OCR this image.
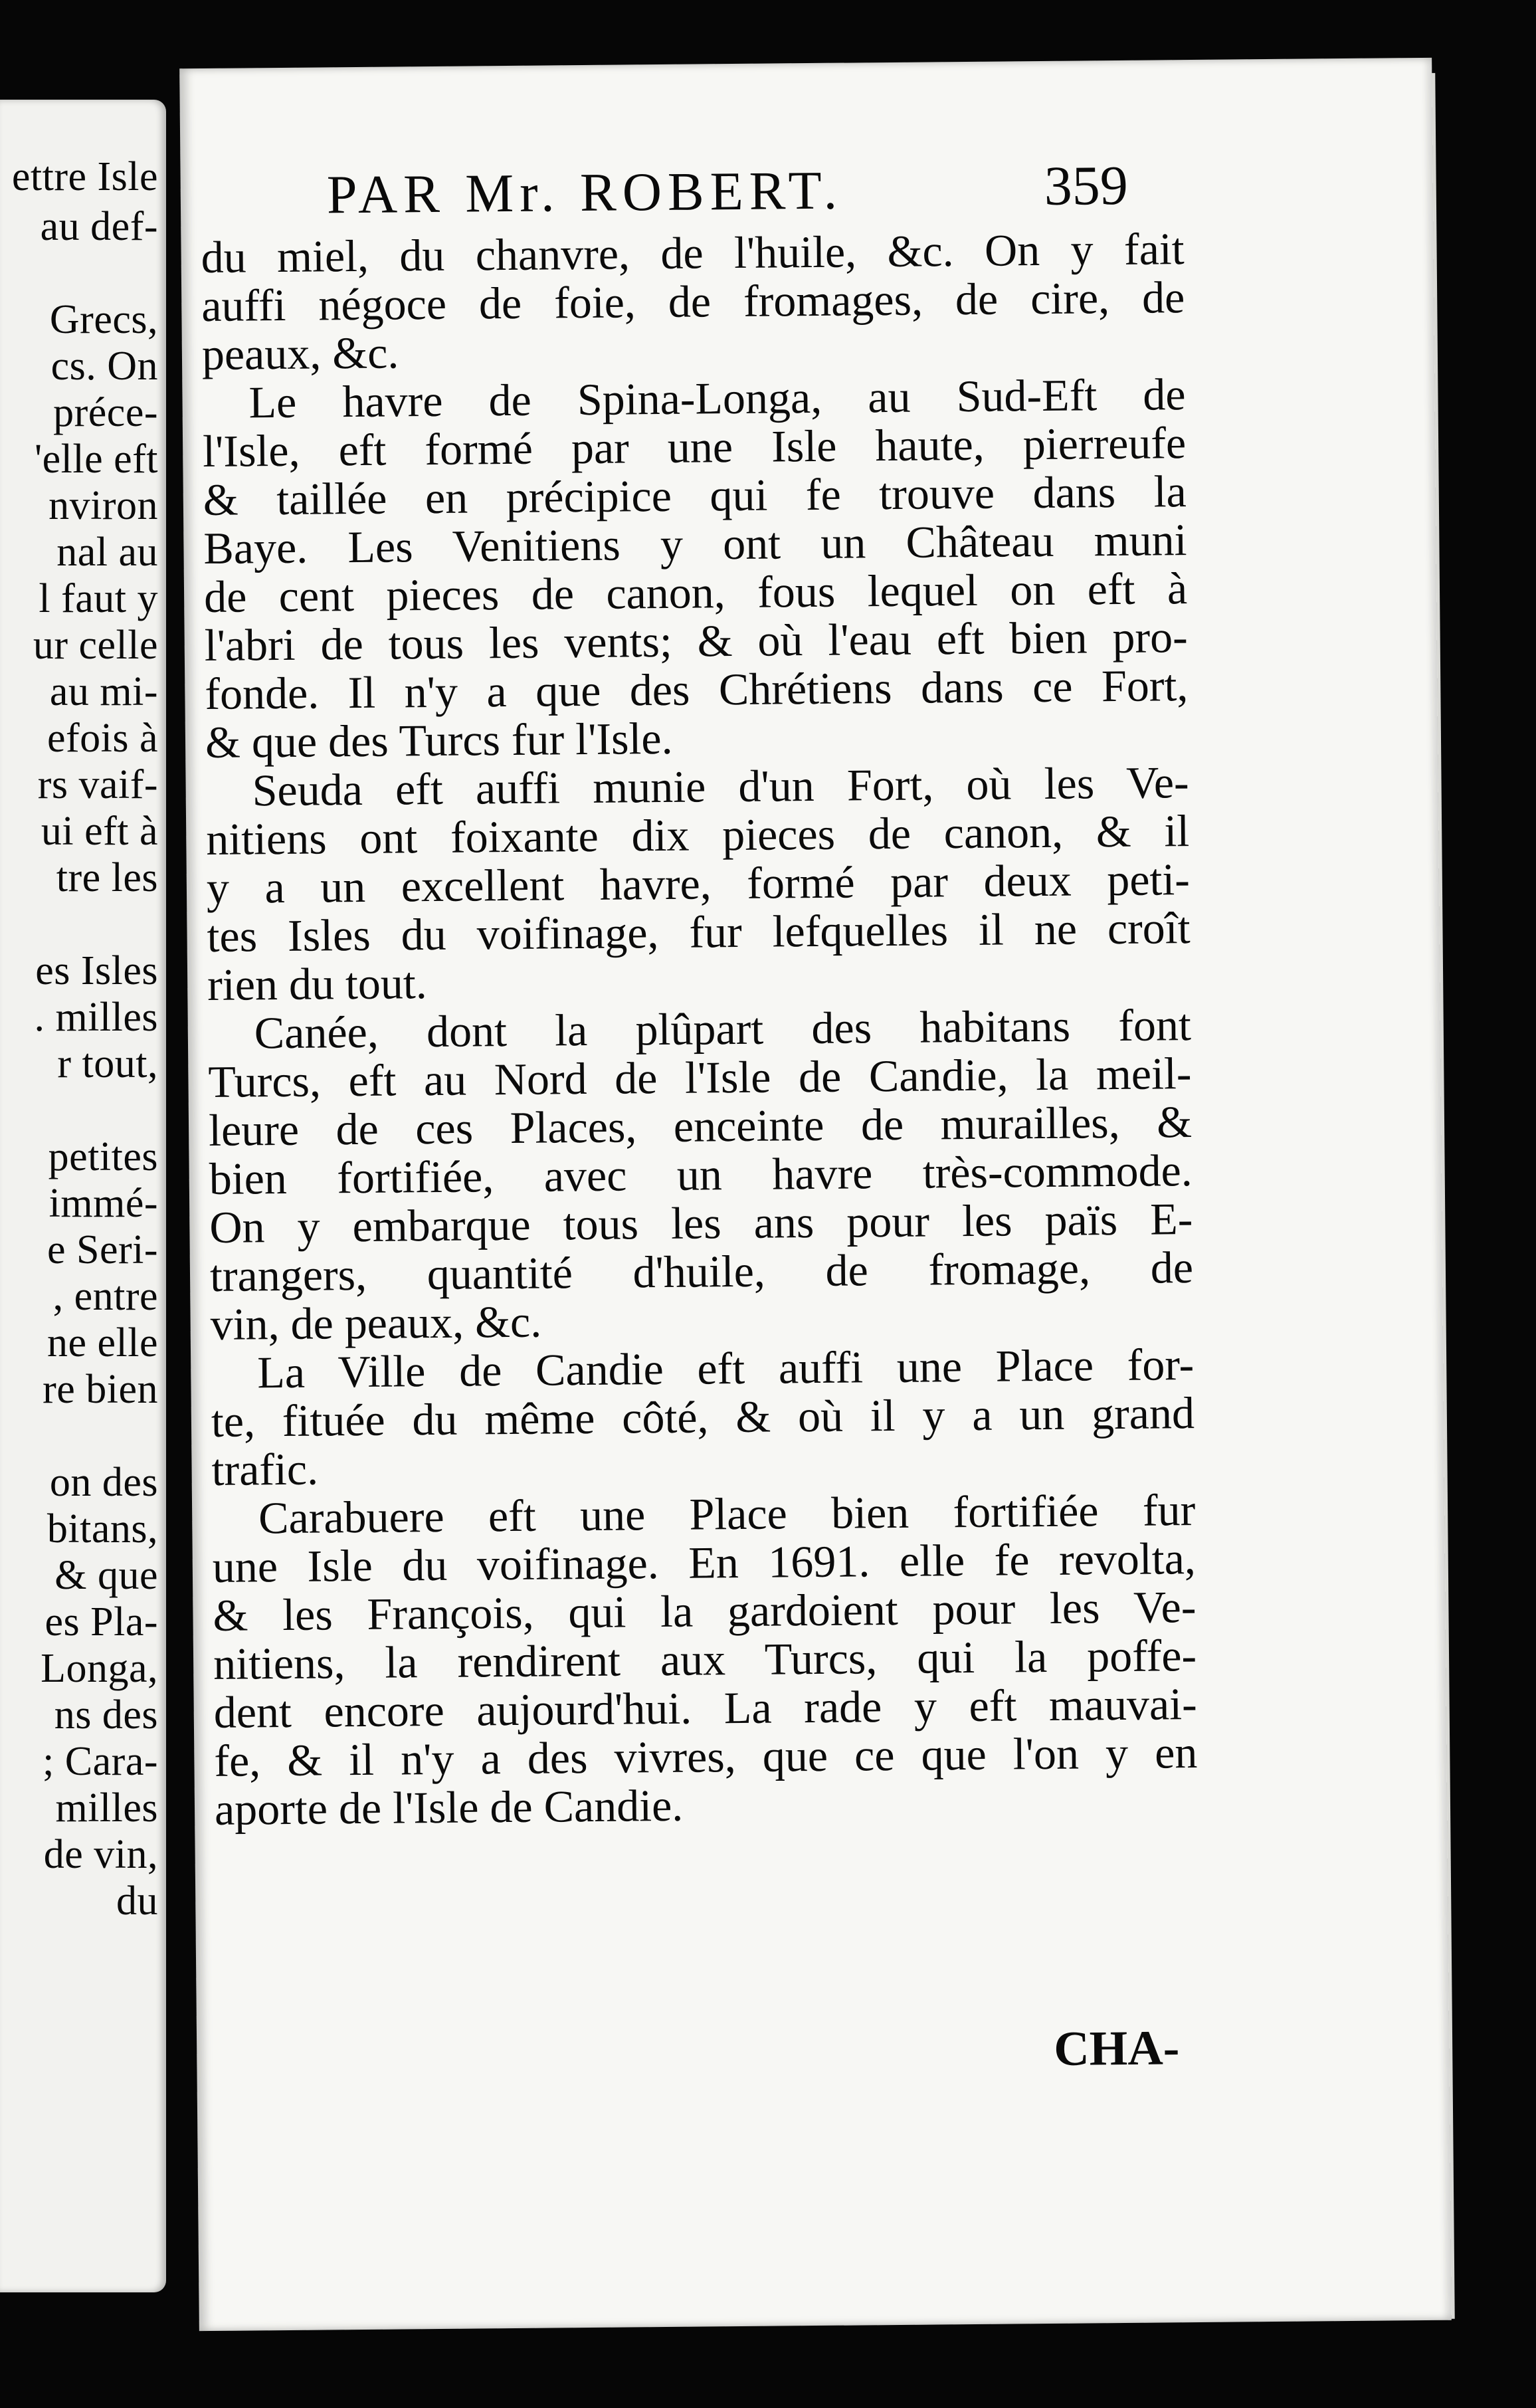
ettre Isle
au def-
Grecs,
cs. On
préce-
'elle eft
nviron
nal au
l faut y
ur celle
au mi-
efois à
rs vaif-
ui eft à
tre les
es Isles
. milles
r tout,
petites
immé-
e Seri-
, entre
ne elle
re bien
on des
bitans,
& que
es Pla-
Longa,
ns des
; Cara-
milles
de vin,
du
PAR Mr. ROBERT.	359
du miel, du chanvre, de l'huile, &c. On y fait
auffi négoce de foie, de fromages, de cire, de
peaux, &c.
Le havre de Spina-Longa, au Sud-Eft de
l'Isle, eft formé par une Isle haute, pierreufe
& taillée en précipice qui fe trouve dans la
Baye. Les Venitiens y ont un Château muni
de cent pieces de canon, fous lequel on eft à
l'abri de tous les vents; & où l'eau eft bien pro-
fonde. Il n'y a que des Chrétiens dans ce Fort,
& que des Turcs fur l'Isle.
Seuda eft auffi munie d'un Fort, où les Ve-
nitiens ont foixante dix pieces de canon, & il
y a un excellent havre, formé par deux peti-
tes Isles du voifinage, fur lefquelles il ne croît
rien du tout.
Canée, dont la plûpart des habitans font
Turcs, eft au Nord de l'Isle de Candie, la meil-
leure de ces Places, enceinte de murailles, &
bien fortifiée, avec un havre très-commode.
On y embarque tous les ans pour les païs E-
trangers, quantité d'huile, de fromage, de
vin, de peaux, &c.
La Ville de Candie eft auffi une Place for-
te, fituée du même côté, & où il y a un grand
trafic.
Carabuere eft une Place bien fortifiée fur
une Isle du voifinage. En 1691. elle fe revolta,
& les François, qui la gardoient pour les Ve-
nitiens, la rendirent aux Turcs, qui la poffe-
dent encore aujourd'hui. La rade y eft mauvai-
fe, & il n'y a des vivres, que ce que l'on y en
aporte de l'Isle de Candie.
CHA-
